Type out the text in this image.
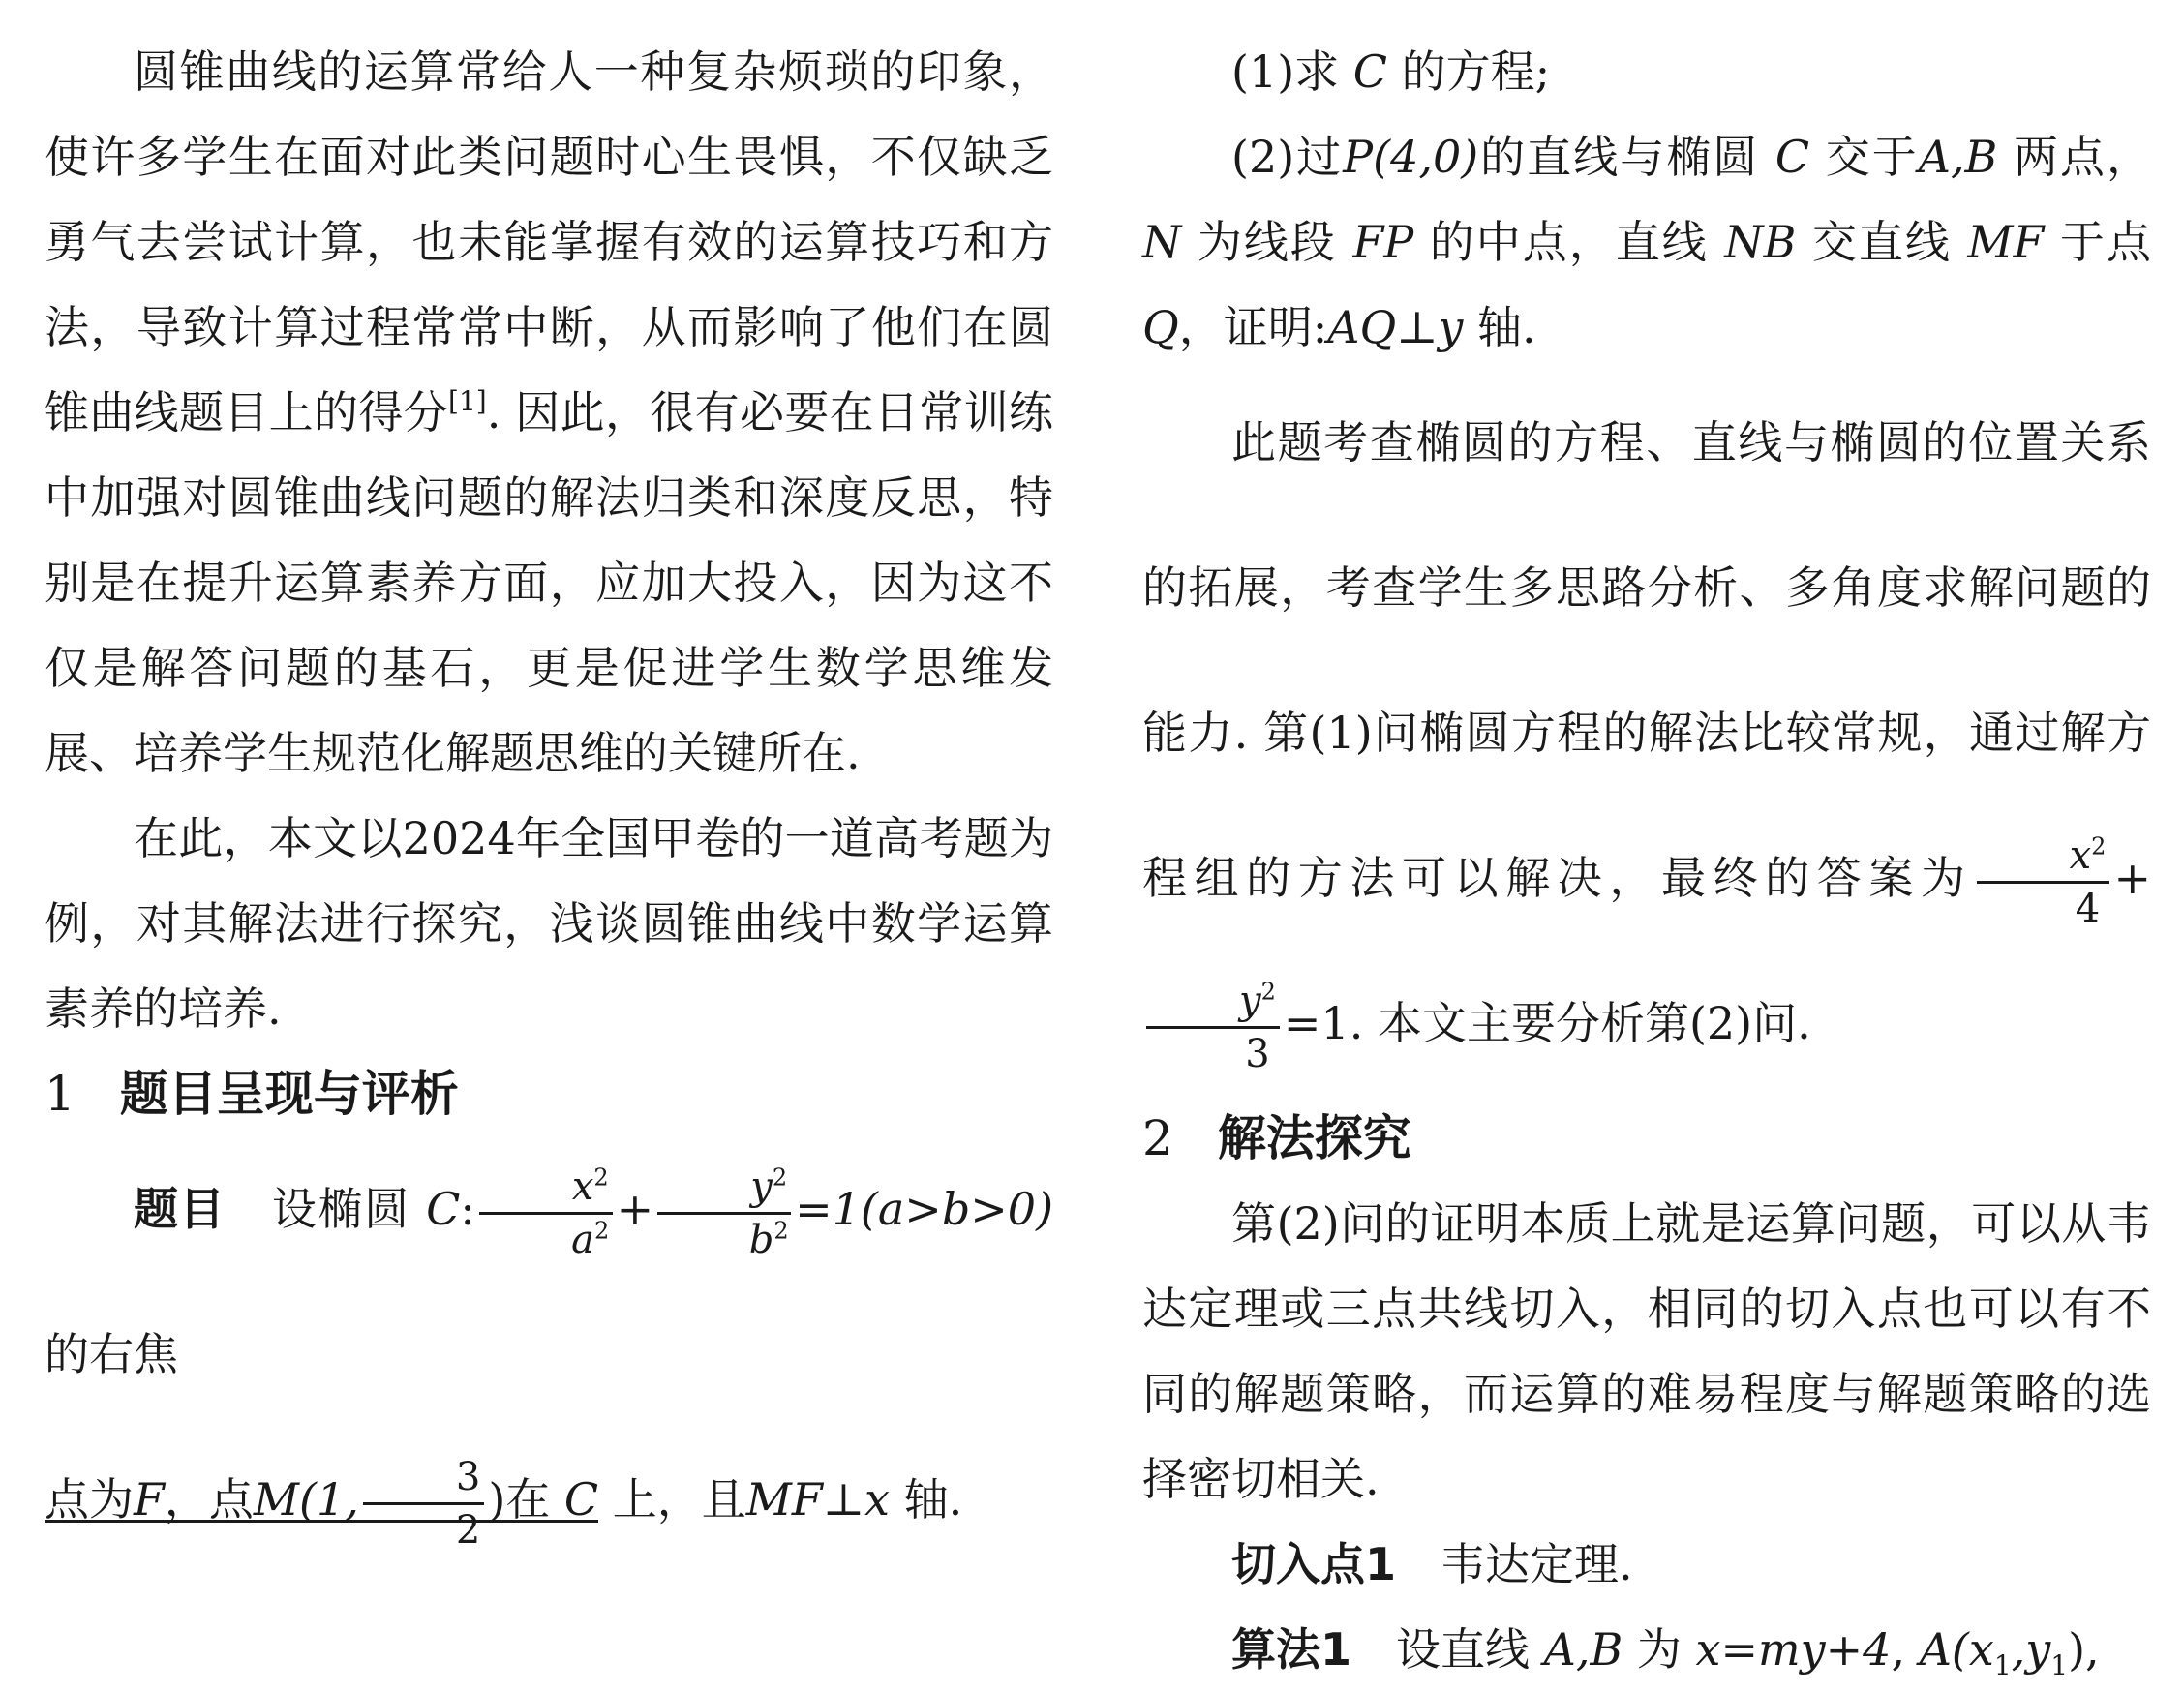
圆锥曲线的运算常给人一种复杂烦琐的印象，使许多学生在面对此类问题时心生畏惧，不仅缺乏勇气去尝试计算，也未能掌握有效的运算技巧和方法，导致计算过程常常中断，从而影响了他们在圆锥曲线题目上的得分[1]. 因此，很有必要在日常训练中加强对圆锥曲线问题的解法归类和深度反思，特别是在提升运算素养方面，应加大投入，因为这不仅是解答问题的基石，更是促进学生数学思维发展、培养学生规范化解题思维的关键所在.

在此，本文以2024年全国甲卷的一道高考题为例，对其解法进行探究，浅谈圆锥曲线中数学运算素养的培养.

1 题目呈现与评析

题目　 设椭圆 C: $\frac{x^2}{a^2} + \frac{y^2}{b^2} =1(a>b>0)$的右焦
点为F，点M(1, $\frac{3}{2}$ )在 C 上，且MF⊥x 轴.

(1)求 C 的方程;

(2)过P(4,0)的直线与椭圆 C 交于A,B 两点，N 为线段 FP 的中点，直线 NB 交直线 MF 于点 Q，证明:AQ⊥y 轴.

此题考查椭圆的方程、直线与椭圆的位置关系的拓展，考查学生多思路分析、多角度求解问题的能力. 第(1)问椭圆方程的解法比较常规，通过解方程组的方法可以解决，最终的答案为 $\frac{x^2}{4}$ +
$\frac{y^2}{3} =1$. 本文主要分析第(2)问.

2 解法探究

第(2)问的证明本质上就是运算问题，可以从韦达定理或三点共线切入，相同的切入点也可以有不同的解题策略，而运算的难易程度与解题策略的选择密切相关.

切入点1　 韦达定理.

算法1　 设直线 A,B 为 x=my+4, $A(x_1,y_1)$,
